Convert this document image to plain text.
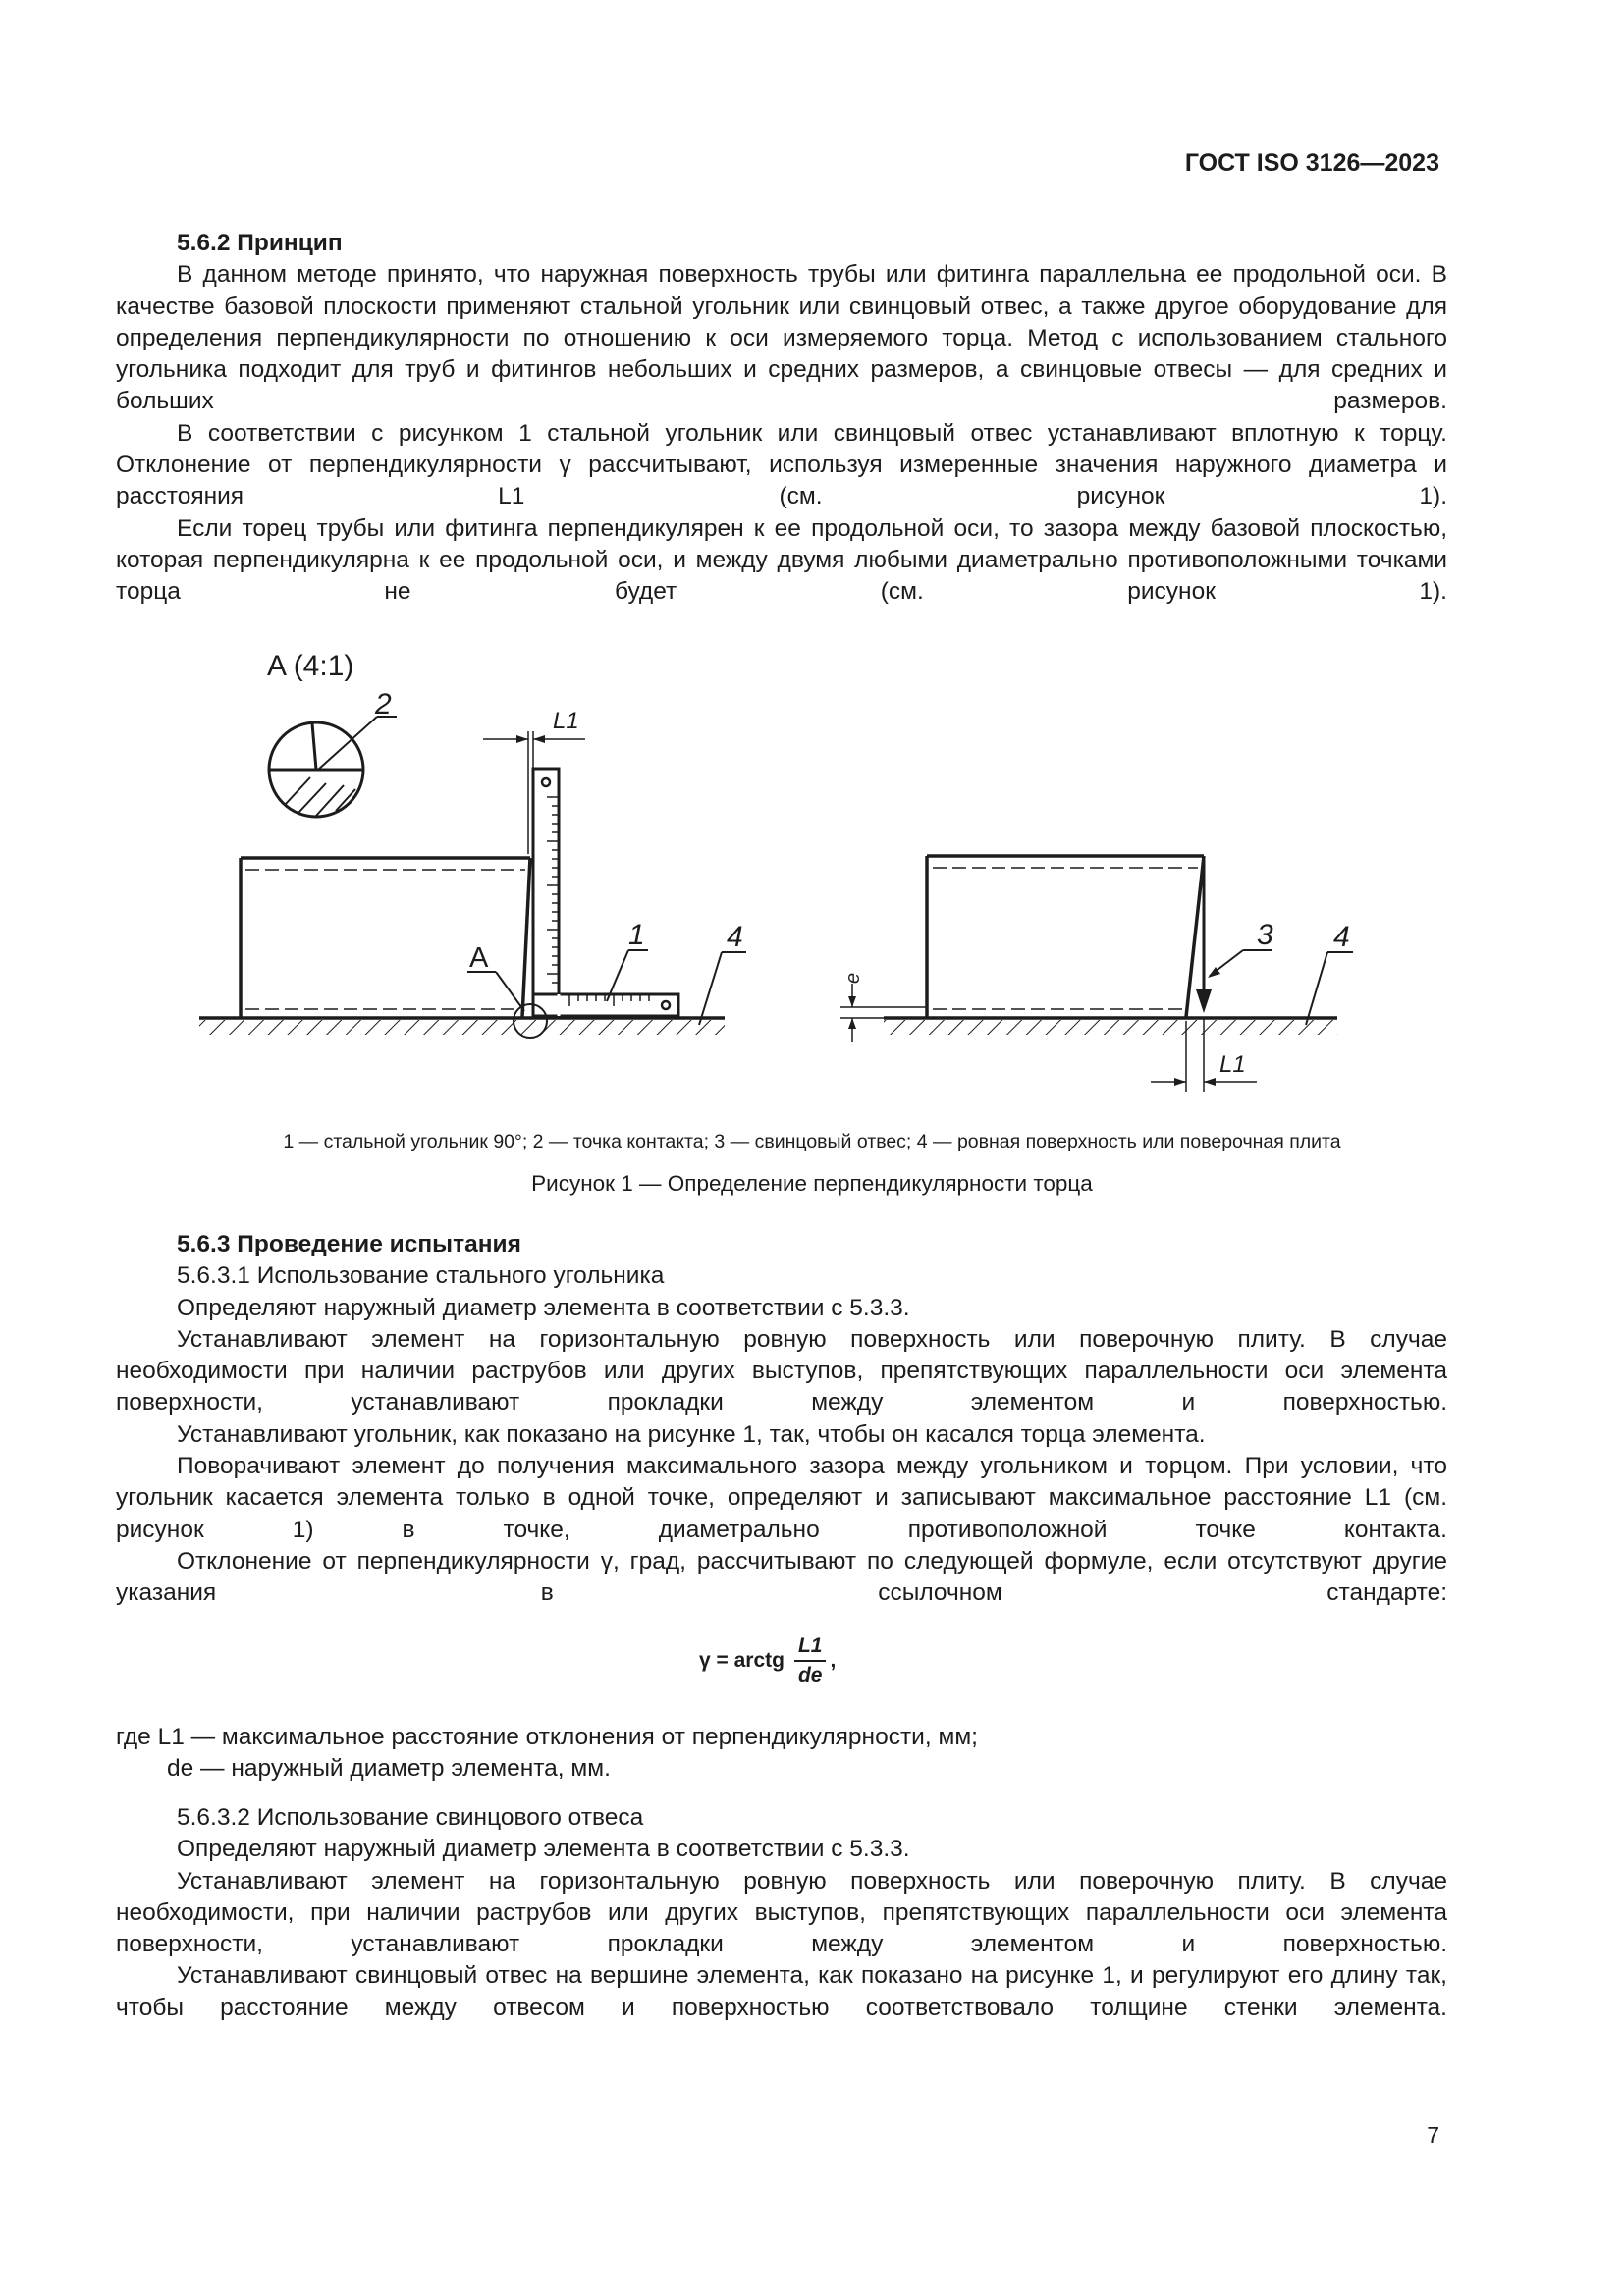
ГОСТ ISO 3126—2023

5.6.2 Принцип

В данном методе принято, что наружная поверхность трубы или фитинга параллельна ее продольной оси. В качестве базовой плоскости применяют стальной угольник или свинцовый отвес, а также другое оборудование для определения перпендикулярности по отношению к оси измеряемого торца. Метод с использованием стального угольника подходит для труб и фитингов небольших и средних размеров, а свинцовые отвесы — для средних и больших размеров.

В соответствии с рисунком 1 стальной угольник или свинцовый отвес устанавливают вплотную к торцу. Отклонение от перпендикулярности γ рассчитывают, используя измеренные значения наружного диаметра и расстояния L1 (см. рисунок 1).

Если торец трубы или фитинга перпендикулярен к ее продольной оси, то зазора между базовой плоскостью, которая перпендикулярна к ее продольной оси, и между двумя любыми диаметрально противоположными точками торца не будет (см. рисунок 1).

A (4:1)
2
L1
A
1	4	3 4
e
L1
1 — стальной угольник 90°; 2 — точка контакта; 3 — свинцовый отвес; 4 — ровная поверхность или поверочная плита
Рисунок 1 — Определение перпендикулярности торца

5.6.3 Проведение испытания

5.6.3.1 Использование стального угольника

Определяют наружный диаметр элемента в соответствии с 5.3.3.

Устанавливают элемент на горизонтальную ровную поверхность или поверочную плиту. В случае необходимости при наличии раструбов или других выступов, препятствующих параллельности оси элемента поверхности, устанавливают прокладки между элементом и поверхностью.

Устанавливают угольник, как показано на рисунке 1, так, чтобы он касался торца элемента.

Поворачивают элемент до получения максимального зазора между угольником и торцом. При условии, что угольник касается элемента только в одной точке, определяют и записывают максимальное расстояние L1 (см. рисунок 1) в точке, диаметрально противоположной точке контакта.

Отклонение от перпендикулярности γ, град, рассчитывают по следующей формуле, если отсутствуют другие указания в ссылочном стандарте:

γ = arctg $\frac{L1}{de}$ ,
где L1 — максимальное расстояние отклонения от перпендикулярности, мм;
de — наружный диаметр элемента, мм.

5.6.3.2 Использование свинцового отвеса

Определяют наружный диаметр элемента в соответствии с 5.3.3.

Устанавливают элемент на горизонтальную ровную поверхность или поверочную плиту. В случае необходимости, при наличии раструбов или других выступов, препятствующих параллельности оси элемента поверхности, устанавливают прокладки между элементом и поверхностью.

Устанавливают свинцовый отвес на вершине элемента, как показано на рисунке 1, и регулируют его длину так, чтобы расстояние между отвесом и поверхностью соответствовало толщине стенки элемента.

7
